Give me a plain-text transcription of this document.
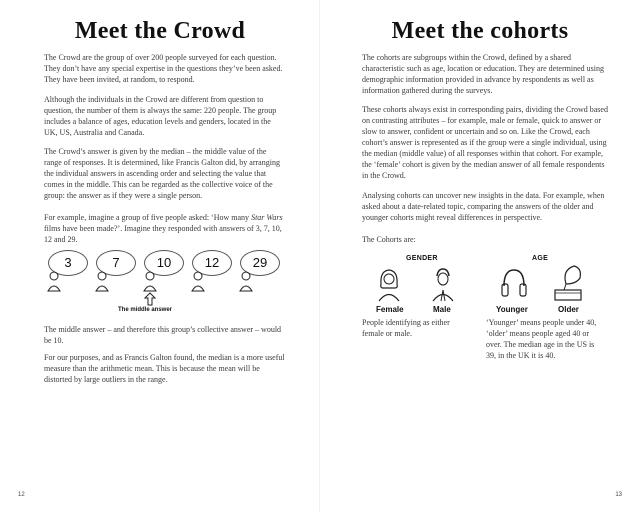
Meet the Crowd
The Crowd are the group of over 200 people surveyed for each question. They don’t have any special expertise in the questions they’ve been asked. They have been invited, at random, to respond.
Although the individuals in the Crowd are different from question to question, the number of them is always the same: 220 people. The group includes a balance of ages, education levels and genders, located in the UK, US, Australia and Canada.
The Crowd’s answer is given by the median – the middle value of the range of responses. It is determined, like Francis Galton did, by arranging the individual answers in ascending order and selecting the value that comes in the middle. This can be regarded as the collective voice of the group: the answer as if they were a single person.
For example, imagine a group of five people asked: ‘How many Star Wars films have been made?’. Imagine they responded with answers of 3, 7, 10, 12 and 29.
3	7	10	12	29
The middle answer
The middle answer – and therefore this group’s collective answer – would be 10.
For our purposes, and as Francis Galton found, the median is a more useful measure than the arithmetic mean. This is because the mean will be distorted by large outliers in the range.
12
Meet the cohorts
The cohorts are subgroups within the Crowd, defined by a shared characteristic such as age, location or education. They are determined using demographic information provided in advance by respondents as well as information gathered during the surveys.
These cohorts always exist in corresponding pairs, dividing the Crowd based on contrasting attributes – for example, male or female, quick to answer or slow to answer, confident or uncertain and so on. Like the Crowd, each cohort’s answer is represented as if the group were a single individual, using the median (middle value) of all responses within that cohort. For example, the ‘female’ cohort is given by the median answer of all female respondents in the Crowd.
Analysing cohorts can uncover new insights in the data. For example, when asked about a date-related topic, comparing the answers of the older and younger cohorts might reveal differences in perspective.
The Cohorts are:
GENDER	AGE
Female	Male	Younger	Older
People identifying as either female or male.
‘Younger’ means people under 40, ‘older’ means people aged 40 or over. The median age in the US is 39, in the UK it is 40.
13
